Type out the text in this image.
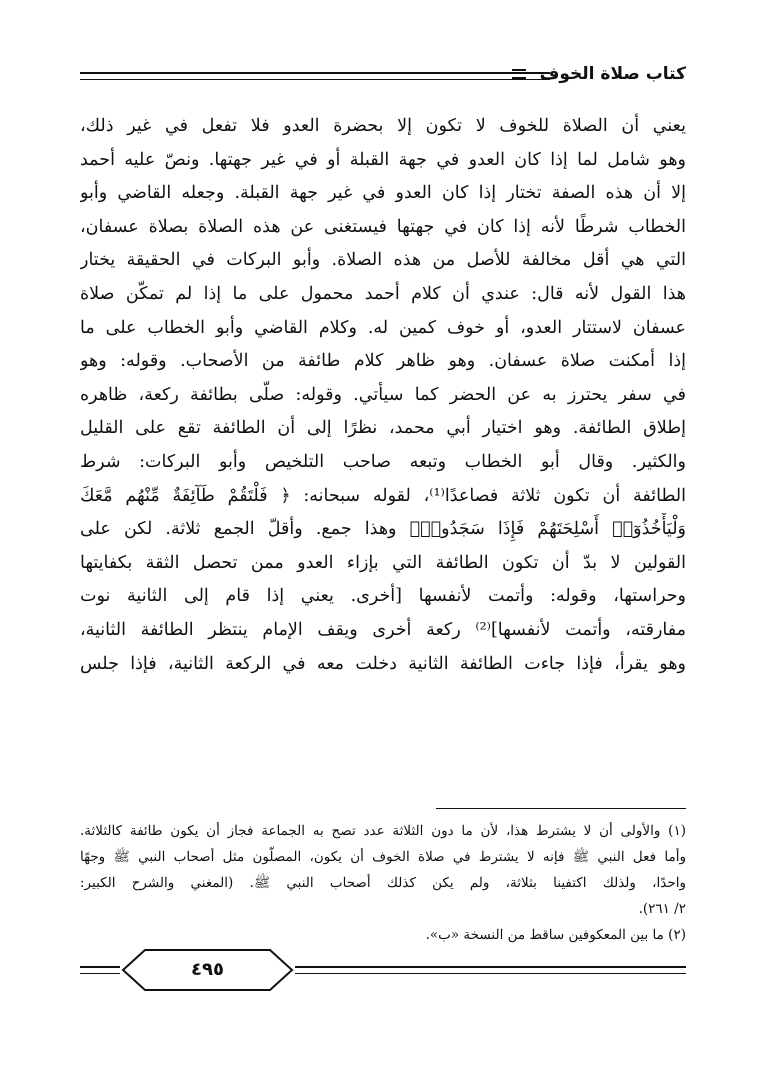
كتاب صلاة الخوف
يعني أن الصلاة للخوف لا تكون إلا بحضرة العدو فلا تفعل في غير ذلك،
وهو شامل لما إذا كان العدو في جهة القبلة أو في غير جهتها. ونصّ عليه أحمد
إلا أن هذه الصفة تختار إذا كان العدو في غير جهة القبلة. وجعله القاضي وأبو
الخطاب شرطًا لأنه إذا كان في جهتها فيستغنى عن هذه الصلاة بصلاة عسفان،
التي هي أقل مخالفة للأصل من هذه الصلاة. وأبو البركات في الحقيقة يختار
هذا القول لأنه قال: عندي أن كلام أحمد محمول على ما إذا لم تمكّن صلاة
عسفان لاستتار العدو، أو خوف كمين له. وكلام القاضي وأبو الخطاب على ما
إذا أمكنت صلاة عسفان. وهو ظاهر كلام طائفة من الأصحاب. وقوله: وهو
في سفر يحترز به عن الحضر كما سيأتي. وقوله: صلّى بطائفة ركعة، ظاهره
إطلاق الطائفة. وهو اختيار أبي محمد، نظرًا إلى أن الطائفة تقع على القليل
والكثير. وقال أبو الخطاب وتبعه صاحب التلخيص وأبو البركات: شرط
الطائفة أن تكون ثلاثة فصاعدًا⁽¹⁾، لقوله سبحانه: ﴿ فَلْتَقُمْ طَآئِفَةٌ مِّنْهُم مَّعَكَ
وَلْيَأْخُذُوٓا۟ أَسْلِحَتَهُمْ فَإِذَا سَجَدُوا۟﴾ وهذا جمع. وأقلّ الجمع ثلاثة. لكن على
القولين لا بدّ أن تكون الطائفة التي بإزاء العدو ممن تحصل الثقة بكفايتها
وحراستها، وقوله: وأتمت لأنفسها [أخرى. يعني إذا قام إلى الثانية نوت
مفارقته، وأتمت لأنفسها]⁽²⁾ ركعة أخرى ويقف الإمام ينتظر الطائفة الثانية،
وهو يقرأ، فإذا جاءت الطائفة الثانية دخلت معه في الركعة الثانية، فإذا جلس
(١) والأولى أن لا يشترط هذا، لأن ما دون الثلاثة عدد تصح به الجماعة فجاز أن يكون طائفة كالثلاثة.
وأما فعل النبي ﷺ فإنه لا يشترط في صلاة الخوف أن يكون، المصلّون مثل أصحاب النبي ﷺ وجهًا
واحدًا، ولذلك اكتفينا بثلاثة، ولم يكن كذلك أصحاب النبي ﷺ. (المغني والشرح الكبير:
٢/ ٢٦١).
(٢) ما بين المعكوفين ساقط من النسخة «ب».
٤٩٥
